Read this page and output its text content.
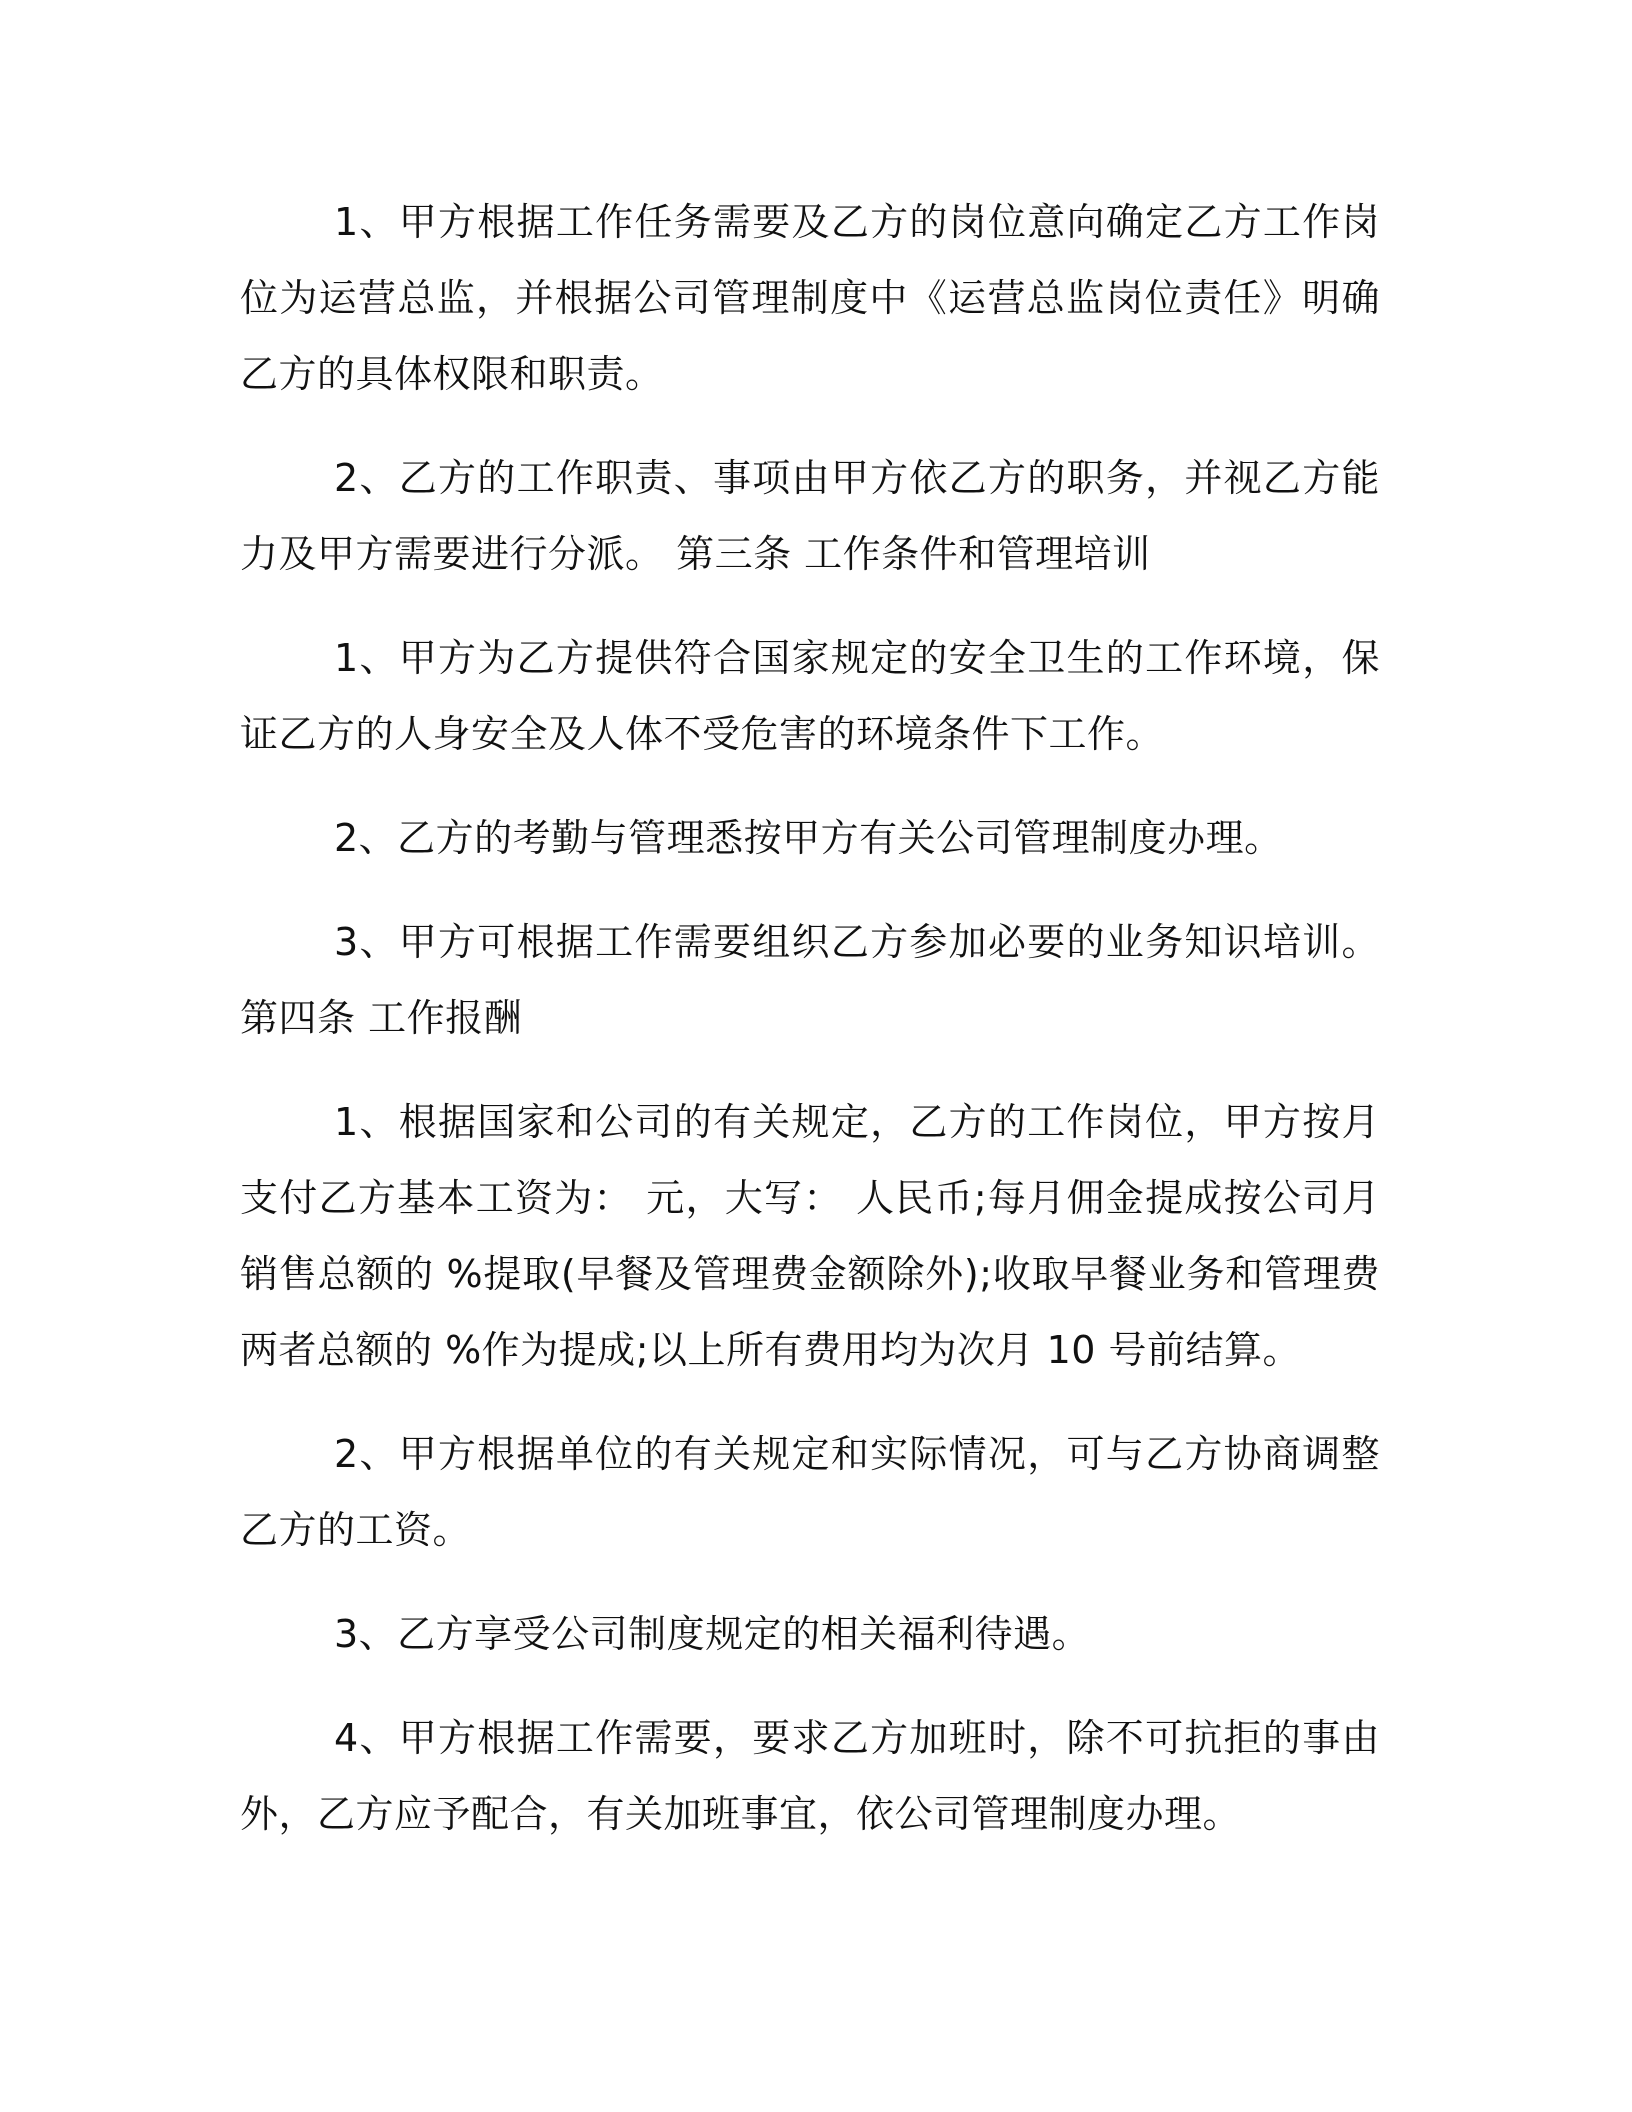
1、甲方根据工作任务需要及乙方的岗位意向确定乙方工作岗位为运营总监，并根据公司管理制度中《运营总监岗位责任》明确乙方的具体权限和职责。

2、乙方的工作职责、事项由甲方依乙方的职务，并视乙方能力及甲方需要进行分派。 第三条 工作条件和管理培训

1、甲方为乙方提供符合国家规定的安全卫生的工作环境，保证乙方的人身安全及人体不受危害的环境条件下工作。

2、乙方的考勤与管理悉按甲方有关公司管理制度办理。

3、甲方可根据工作需要组织乙方参加必要的业务知识培训。 第四条 工作报酬

1、根据国家和公司的有关规定，乙方的工作岗位，甲方按月支付乙方基本工资为： 元，大写： 人民币;每月佣金提成按公司月销售总额的 %提取(早餐及管理费金额除外);收取早餐业务和管理费两者总额的 %作为提成;以上所有费用均为次月 10 号前结算。

2、甲方根据单位的有关规定和实际情况，可与乙方协商调整乙方的工资。

3、乙方享受公司制度规定的相关福利待遇。

4、甲方根据工作需要，要求乙方加班时，除不可抗拒的事由外，乙方应予配合，有关加班事宜，依公司管理制度办理。
